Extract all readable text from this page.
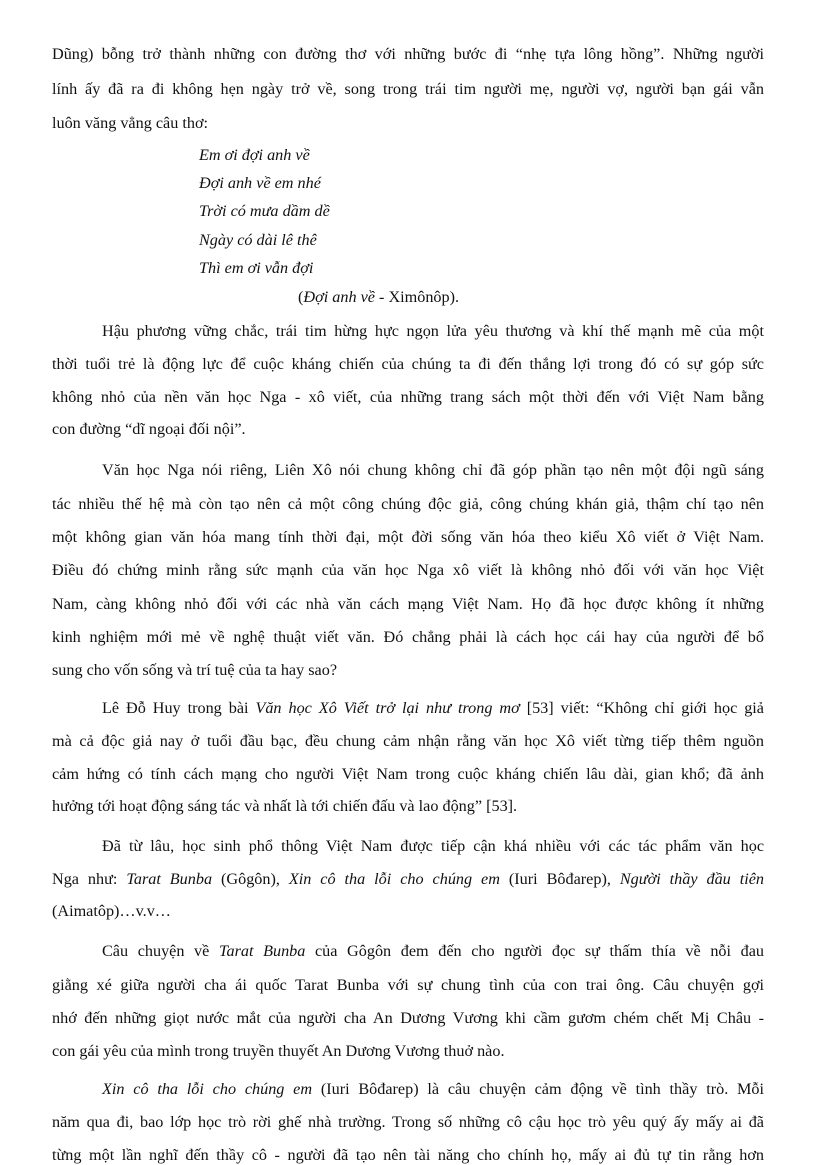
Dũng) bỗng trở thành những con đường thơ với những bước đi “nhẹ tựa lông hồng”. Những người
lính ấy đã ra đi không hẹn ngày trở về, song trong trái tim người mẹ, người vợ, người bạn gái vẫn
luôn văng vẳng câu thơ:
Em ơi đợi anh về
Đợi anh về em nhé
Trời có mưa dầm dề
Ngày có dài lê thê
Thì em ơi vẫn đợi
(Đợi anh về - Ximônôp).
Hậu phương vững chắc, trái tim hừng hực ngọn lửa yêu thương và khí thế mạnh mẽ của một
thời tuổi trẻ là động lực để cuộc kháng chiến của chúng ta đi đến thắng lợi trong đó có sự góp sức
không nhỏ của nền văn học Nga - xô viết, của những trang sách một thời đến với Việt Nam bằng
con đường “dĩ ngoại đối nội”.
Văn học Nga nói riêng, Liên Xô nói chung không chỉ đã góp phần tạo nên một đội ngũ sáng
tác nhiều thế hệ mà còn tạo nên cả một công chúng độc giả, công chúng khán giả, thậm chí tạo nên
một không gian văn hóa mang tính thời đại, một đời sống văn hóa theo kiểu Xô viết ở Việt Nam.
Điều đó chứng minh rằng sức mạnh của văn học Nga xô viết là không nhỏ đối với văn học Việt
Nam, càng không nhỏ đối với các nhà văn cách mạng Việt Nam. Họ đã học được không ít những
kinh nghiệm mới mẻ về nghệ thuật viết văn. Đó chẳng phải là cách học cái hay của người để bổ
sung cho vốn sống và trí tuệ của ta hay sao?
Lê Đỗ Huy trong bài Văn học Xô Viết trở lại như trong mơ [53] viết: “Không chỉ giới học giả
mà cả độc giả nay ở tuổi đầu bạc, đều chung cảm nhận rằng văn học Xô viết từng tiếp thêm nguồn
cảm hứng có tính cách mạng cho người Việt Nam trong cuộc kháng chiến lâu dài, gian khổ; đã ảnh
hưởng tới hoạt động sáng tác và nhất là tới chiến đấu và lao động” [53].
Đã từ lâu, học sinh phổ thông Việt Nam được tiếp cận khá nhiều với các tác phẩm văn học
Nga như: Tarat Bunba (Gôgôn), Xin cô tha lỗi cho chúng em (Iuri Bôđarep), Người thầy đầu tiên
(Aimatôp)…v.v…
Câu chuyện về Tarat Bunba của Gôgôn đem đến cho người đọc sự thấm thía về nỗi đau
giằng xé giữa người cha ái quốc Tarat Bunba với sự chung tình của con trai ông. Câu chuyện gợi
nhớ đến những giọt nước mắt của người cha An Dương Vương khi cầm gươm chém chết Mị Châu -
con gái yêu của mình trong truyền thuyết An Dương Vương thuở nào.
Xin cô tha lỗi cho chúng em (Iuri Bôđarep) là câu chuyện cảm động về tình thầy trò. Mỗi
năm qua đi, bao lớp học trò rời ghế nhà trường. Trong số những cô cậu học trò yêu quý ấy mấy ai đã
từng một lần nghĩ đến thầy cô - người đã tạo nên tài năng cho chính họ, mấy ai đủ tự tin rằng hơn
